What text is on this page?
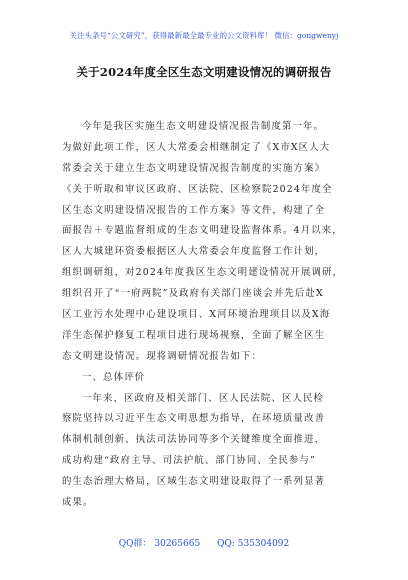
关注头条号“公文研究”，获得最新最全最专业的公文资料库！ 微信：gongwenyj
关于2024年度全区生态文明建设情况的调研报告
今年是我区实施生态文明建设情况报告制度第一年。
为做好此项工作，区人大常委会相继制定了《X市X区人大
常委会关于建立生态文明建设情况报告制度的实施方案》
《关于听取和审议区政府、区法院、区检察院2024年度全
区生态文明建设情况报告的工作方案》等文件，构建了全
面报告＋专题监督组成的生态文明建设监督体系。4月以来，
区人大城建环资委根据区人大常委会年度监督工作计划，
组织调研组，对2024年度我区生态文明建设情况开展调研，
组织召开了“一府两院”及政府有关部门座谈会并先后赴X
区工业污水处理中心建设项目、X河环境治理项目以及X海
洋生态保护修复工程项目进行现场视察，全面了解全区生
态文明建设情况。现将调研情况报告如下：
一、总体评价
一年来，区政府及相关部门、区人民法院、区人民检
察院坚持以习近平生态文明思想为指导，在环境质量改善
体制机制创新、执法司法协同等多个关键维度全面推进，
成功构建“政府主导、司法护航、部门协同、全民参与”
的生态治理大格局，区域生态文明建设取得了一系列显著
成果。
QQ群： 30265665 QQ: 535304092
